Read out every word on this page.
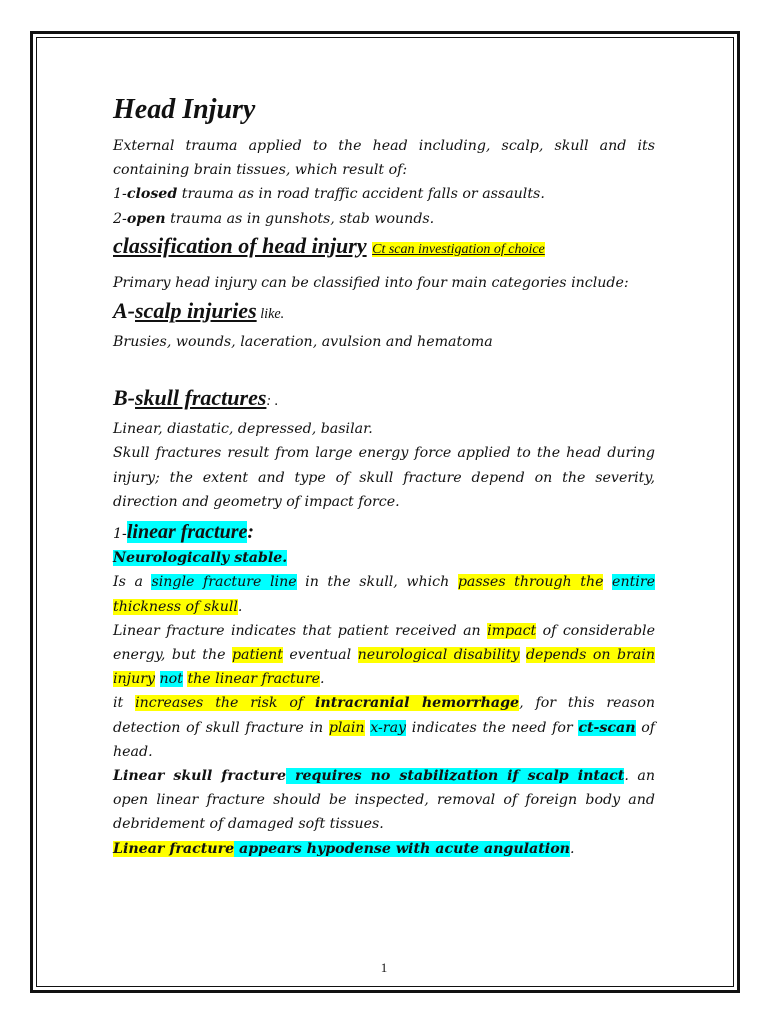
Head Injury

External trauma applied to the head including, scalp, skull and its containing brain tissues, which result of:

1-closed trauma as in road traffic accident falls or assaults.

2-open trauma as in gunshots, stab wounds.

classification of head injury Ct scan investigation of choice

Primary head injury can be classified into four main categories include:

A-scalp injuries like.

Brusies, wounds, laceration, avulsion and hematoma

B-skull fractures: .

Linear, diastatic, depressed, basilar.

Skull fractures result from large energy force applied to the head during injury; the extent and type of skull fracture depend on the severity, direction and geometry of impact force.

1-linear fracture:

Neurologically stable.

Is a single fracture line in the skull, which passes through the entire thickness of skull.

Linear fracture indicates that patient received an impact of considerable energy, but the patient eventual neurological disability depends on brain injury not the linear fracture.

it increases the risk of intracranial hemorrhage, for this reason detection of skull fracture in plain x-ray indicates the need for ct-scan of head.

Linear skull fracture requires no stabilization if scalp intact. an open linear fracture should be inspected, removal of foreign body and debridement of damaged soft tissues.

Linear fracture appears hypodense with acute angulation.

1
